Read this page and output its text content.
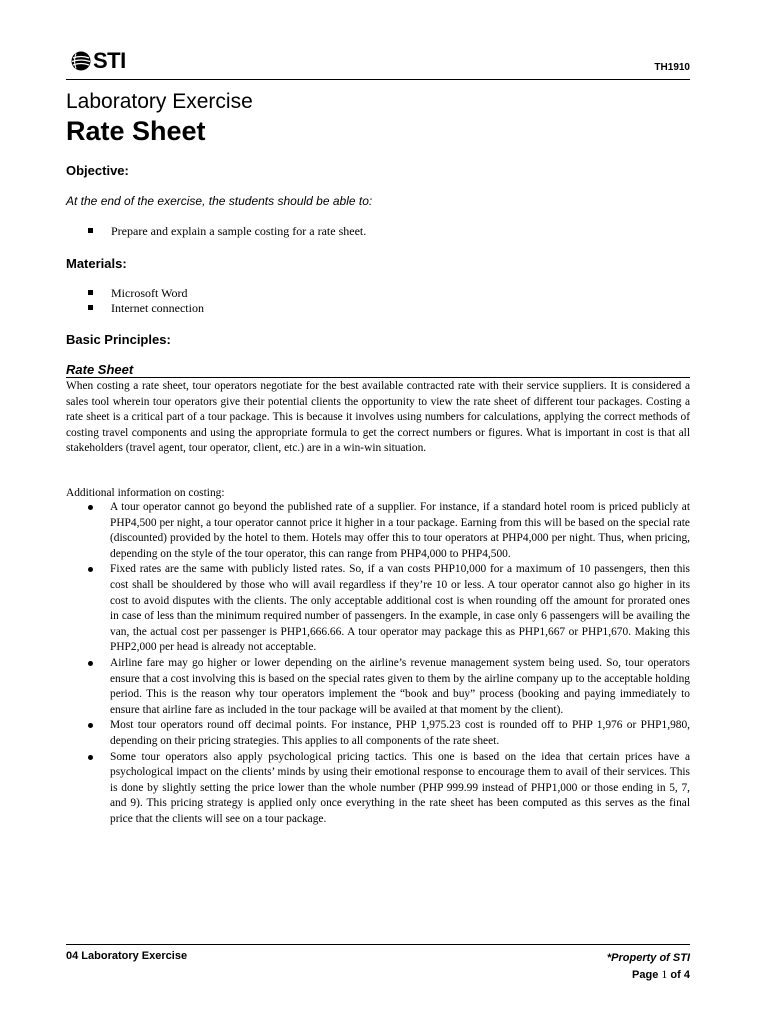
STI	TH1910
Laboratory Exercise
Rate Sheet
Objective:
At the end of the exercise, the students should be able to:
Prepare and explain a sample costing for a rate sheet.
Materials:
Microsoft Word
Internet connection
Basic Principles:
Rate Sheet

When costing a rate sheet, tour operators negotiate for the best available contracted rate with their service suppliers. It is considered a sales tool wherein tour operators give their potential clients the opportunity to view the rate sheet of different tour packages. Costing a rate sheet is a critical part of a tour package. This is because it involves using numbers for calculations, applying the correct methods of costing travel components and using the appropriate formula to get the correct numbers or figures. What is important in cost is that all stakeholders (travel agent, tour operator, client, etc.) are in a win-win situation.

Additional information on costing:
A tour operator cannot go beyond the published rate of a supplier. For instance, if a standard hotel room is priced publicly at PHP4,500 per night, a tour operator cannot price it higher in a tour package. Earning from this will be based on the special rate (discounted) provided by the hotel to them. Hotels may offer this to tour operators at PHP4,000 per night. Thus, when pricing, depending on the style of the tour operator, this can range from PHP4,000 to PHP4,500.
Fixed rates are the same with publicly listed rates. So, if a van costs PHP10,000 for a maximum of 10 passengers, then this cost shall be shouldered by those who will avail regardless if they’re 10 or less. A tour operator cannot also go higher in its cost to avoid disputes with the clients. The only acceptable additional cost is when rounding off the amount for prorated ones in case of less than the minimum required number of passengers. In the example, in case only 6 passengers will be availing the van, the actual cost per passenger is PHP1,666.66. A tour operator may package this as PHP1,667 or PHP1,670. Making this PHP2,000 per head is already not acceptable.
Airline fare may go higher or lower depending on the airline’s revenue management system being used. So, tour operators ensure that a cost involving this is based on the special rates given to them by the airline company up to the acceptable holding period. This is the reason why tour operators implement the “book and buy” process (booking and paying immediately to ensure that airline fare as included in the tour package will be availed at that moment by the client).
Most tour operators round off decimal points. For instance, PHP 1,975.23 cost is rounded off to PHP 1,976 or PHP1,980, depending on their pricing strategies. This applies to all components of the rate sheet.
Some tour operators also apply psychological pricing tactics. This one is based on the idea that certain prices have a psychological impact on the clients’ minds by using their emotional response to encourage them to avail of their services. This is done by slightly setting the price lower than the whole number (PHP 999.99 instead of PHP1,000 or those ending in 5, 7, and 9). This pricing strategy is applied only once everything in the rate sheet has been computed as this serves as the final price that the clients will see on a tour package.
04 Laboratory Exercise	*Property of STI
Page 1 of 4
